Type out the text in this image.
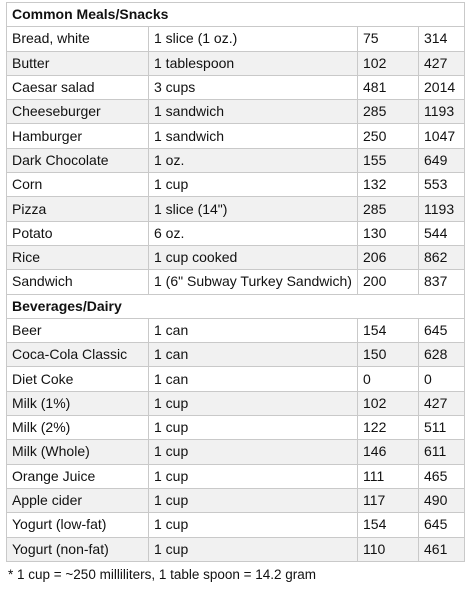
Common Meals/Snacks			
Bread, white	1 slice (1 oz.)	75	314
Butter	1 tablespoon	102	427
Caesar salad	3 cups	481	2014
Cheeseburger	1 sandwich	285	1193
Hamburger	1 sandwich	250	1047
Dark Chocolate	1 oz.	155	649
Corn	1 cup	132	553
Pizza	1 slice (14")	285	1193
Potato	6 oz.	130	544
Rice	1 cup cooked	206	862
Sandwich	1 (6" Subway Turkey Sandwich)	200	837
Beverages/Dairy			
Beer	1 can	154	645
Coca-Cola Classic	1 can	150	628
Diet Coke	1 can	0	0
Milk (1%)	1 cup	102	427
Milk (2%)	1 cup	122	511
Milk (Whole)	1 cup	146	611
Orange Juice	1 cup	111	465
Apple cider	1 cup	117	490
Yogurt (low-fat)	1 cup	154	645
Yogurt (non-fat)	1 cup	110	461
* 1 cup = ~250 milliliters, 1 table spoon = 14.2 gram
